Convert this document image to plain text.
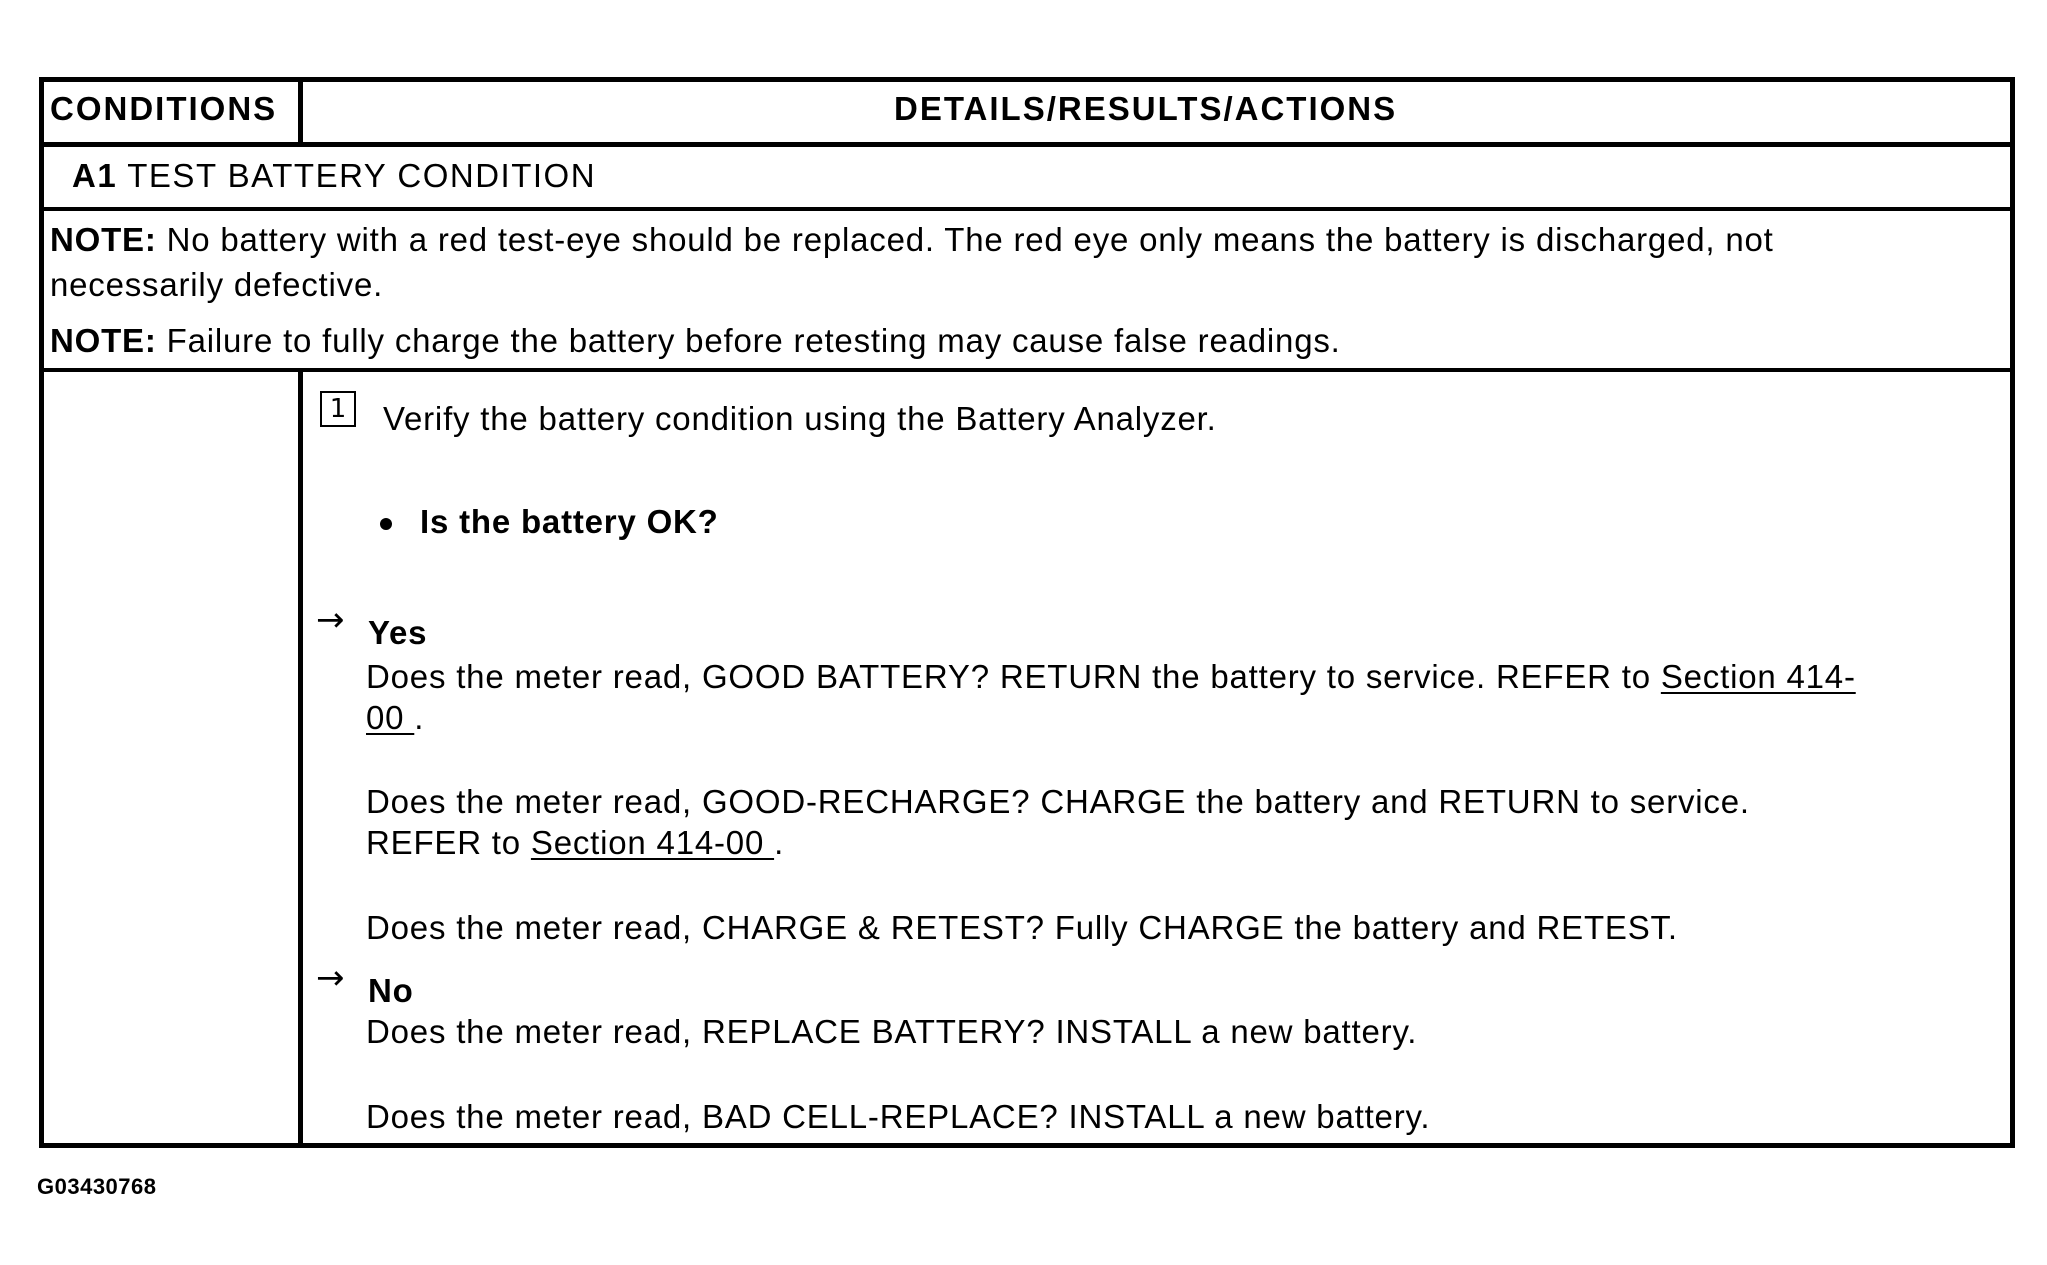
CONDITIONS	DETAILS/RESULTS/ACTIONS
A1 TEST BATTERY CONDITION
NOTE: No battery with a red test-eye should be replaced. The red eye only means the battery is discharged, not
necessarily defective.
NOTE: Failure to fully charge the battery before retesting may cause false readings.
1 Verify the battery condition using the Battery Analyzer.
Is the battery OK?
→ Yes
Does the meter read, GOOD BATTERY? RETURN the battery to service. REFER to Section 414-
00 .
Does the meter read, GOOD-RECHARGE? CHARGE the battery and RETURN to service.
REFER to Section 414-00 .
Does the meter read, CHARGE & RETEST? Fully CHARGE the battery and RETEST.
→ No
Does the meter read, REPLACE BATTERY? INSTALL a new battery.
Does the meter read, BAD CELL-REPLACE? INSTALL a new battery.
G03430768
